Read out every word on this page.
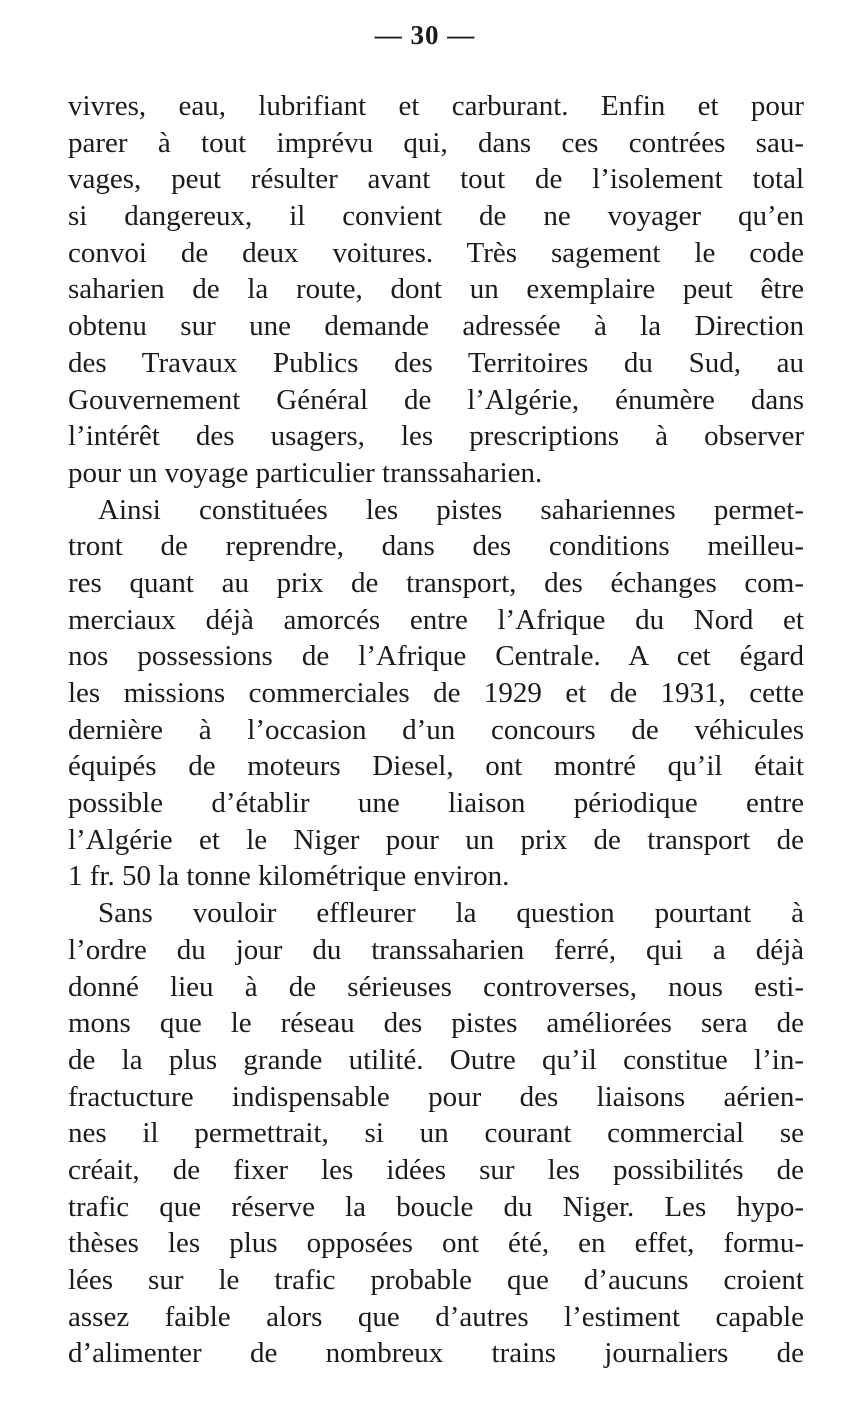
— 30 —
vivres, eau, lubrifiant et carburant. Enfin et pour
parer à tout imprévu qui, dans ces contrées sau-
vages, peut résulter avant tout de l’isolement total
si dangereux, il convient de ne voyager qu’en
convoi de deux voitures. Très sagement le code
saharien de la route, dont un exemplaire peut être
obtenu sur une demande adressée à la Direction
des Travaux Publics des Territoires du Sud, au
Gouvernement Général de l’Algérie, énumère dans
l’intérêt des usagers, les prescriptions à observer
pour un voyage particulier transsaharien.
Ainsi constituées les pistes sahariennes permet-
tront de reprendre, dans des conditions meilleu-
res quant au prix de transport, des échanges com-
merciaux déjà amorcés entre l’Afrique du Nord et
nos possessions de l’Afrique Centrale. A cet égard
les missions commerciales de 1929 et de 1931, cette
dernière à l’occasion d’un concours de véhicules
équipés de moteurs Diesel, ont montré qu’il était
possible d’établir une liaison périodique entre
l’Algérie et le Niger pour un prix de transport de
1 fr. 50 la tonne kilométrique environ.
Sans vouloir effleurer la question pourtant à
l’ordre du jour du transsaharien ferré, qui a déjà
donné lieu à de sérieuses controverses, nous esti-
mons que le réseau des pistes améliorées sera de
de la plus grande utilité. Outre qu’il constitue l’in-
fractucture indispensable pour des liaisons aérien-
nes il permettrait, si un courant commercial se
créait, de fixer les idées sur les possibilités de
trafic que réserve la boucle du Niger. Les hypo-
thèses les plus opposées ont été, en effet, formu-
lées sur le trafic probable que d’aucuns croient
assez faible alors que d’autres l’estiment capable
d’alimenter de nombreux trains journaliers de
